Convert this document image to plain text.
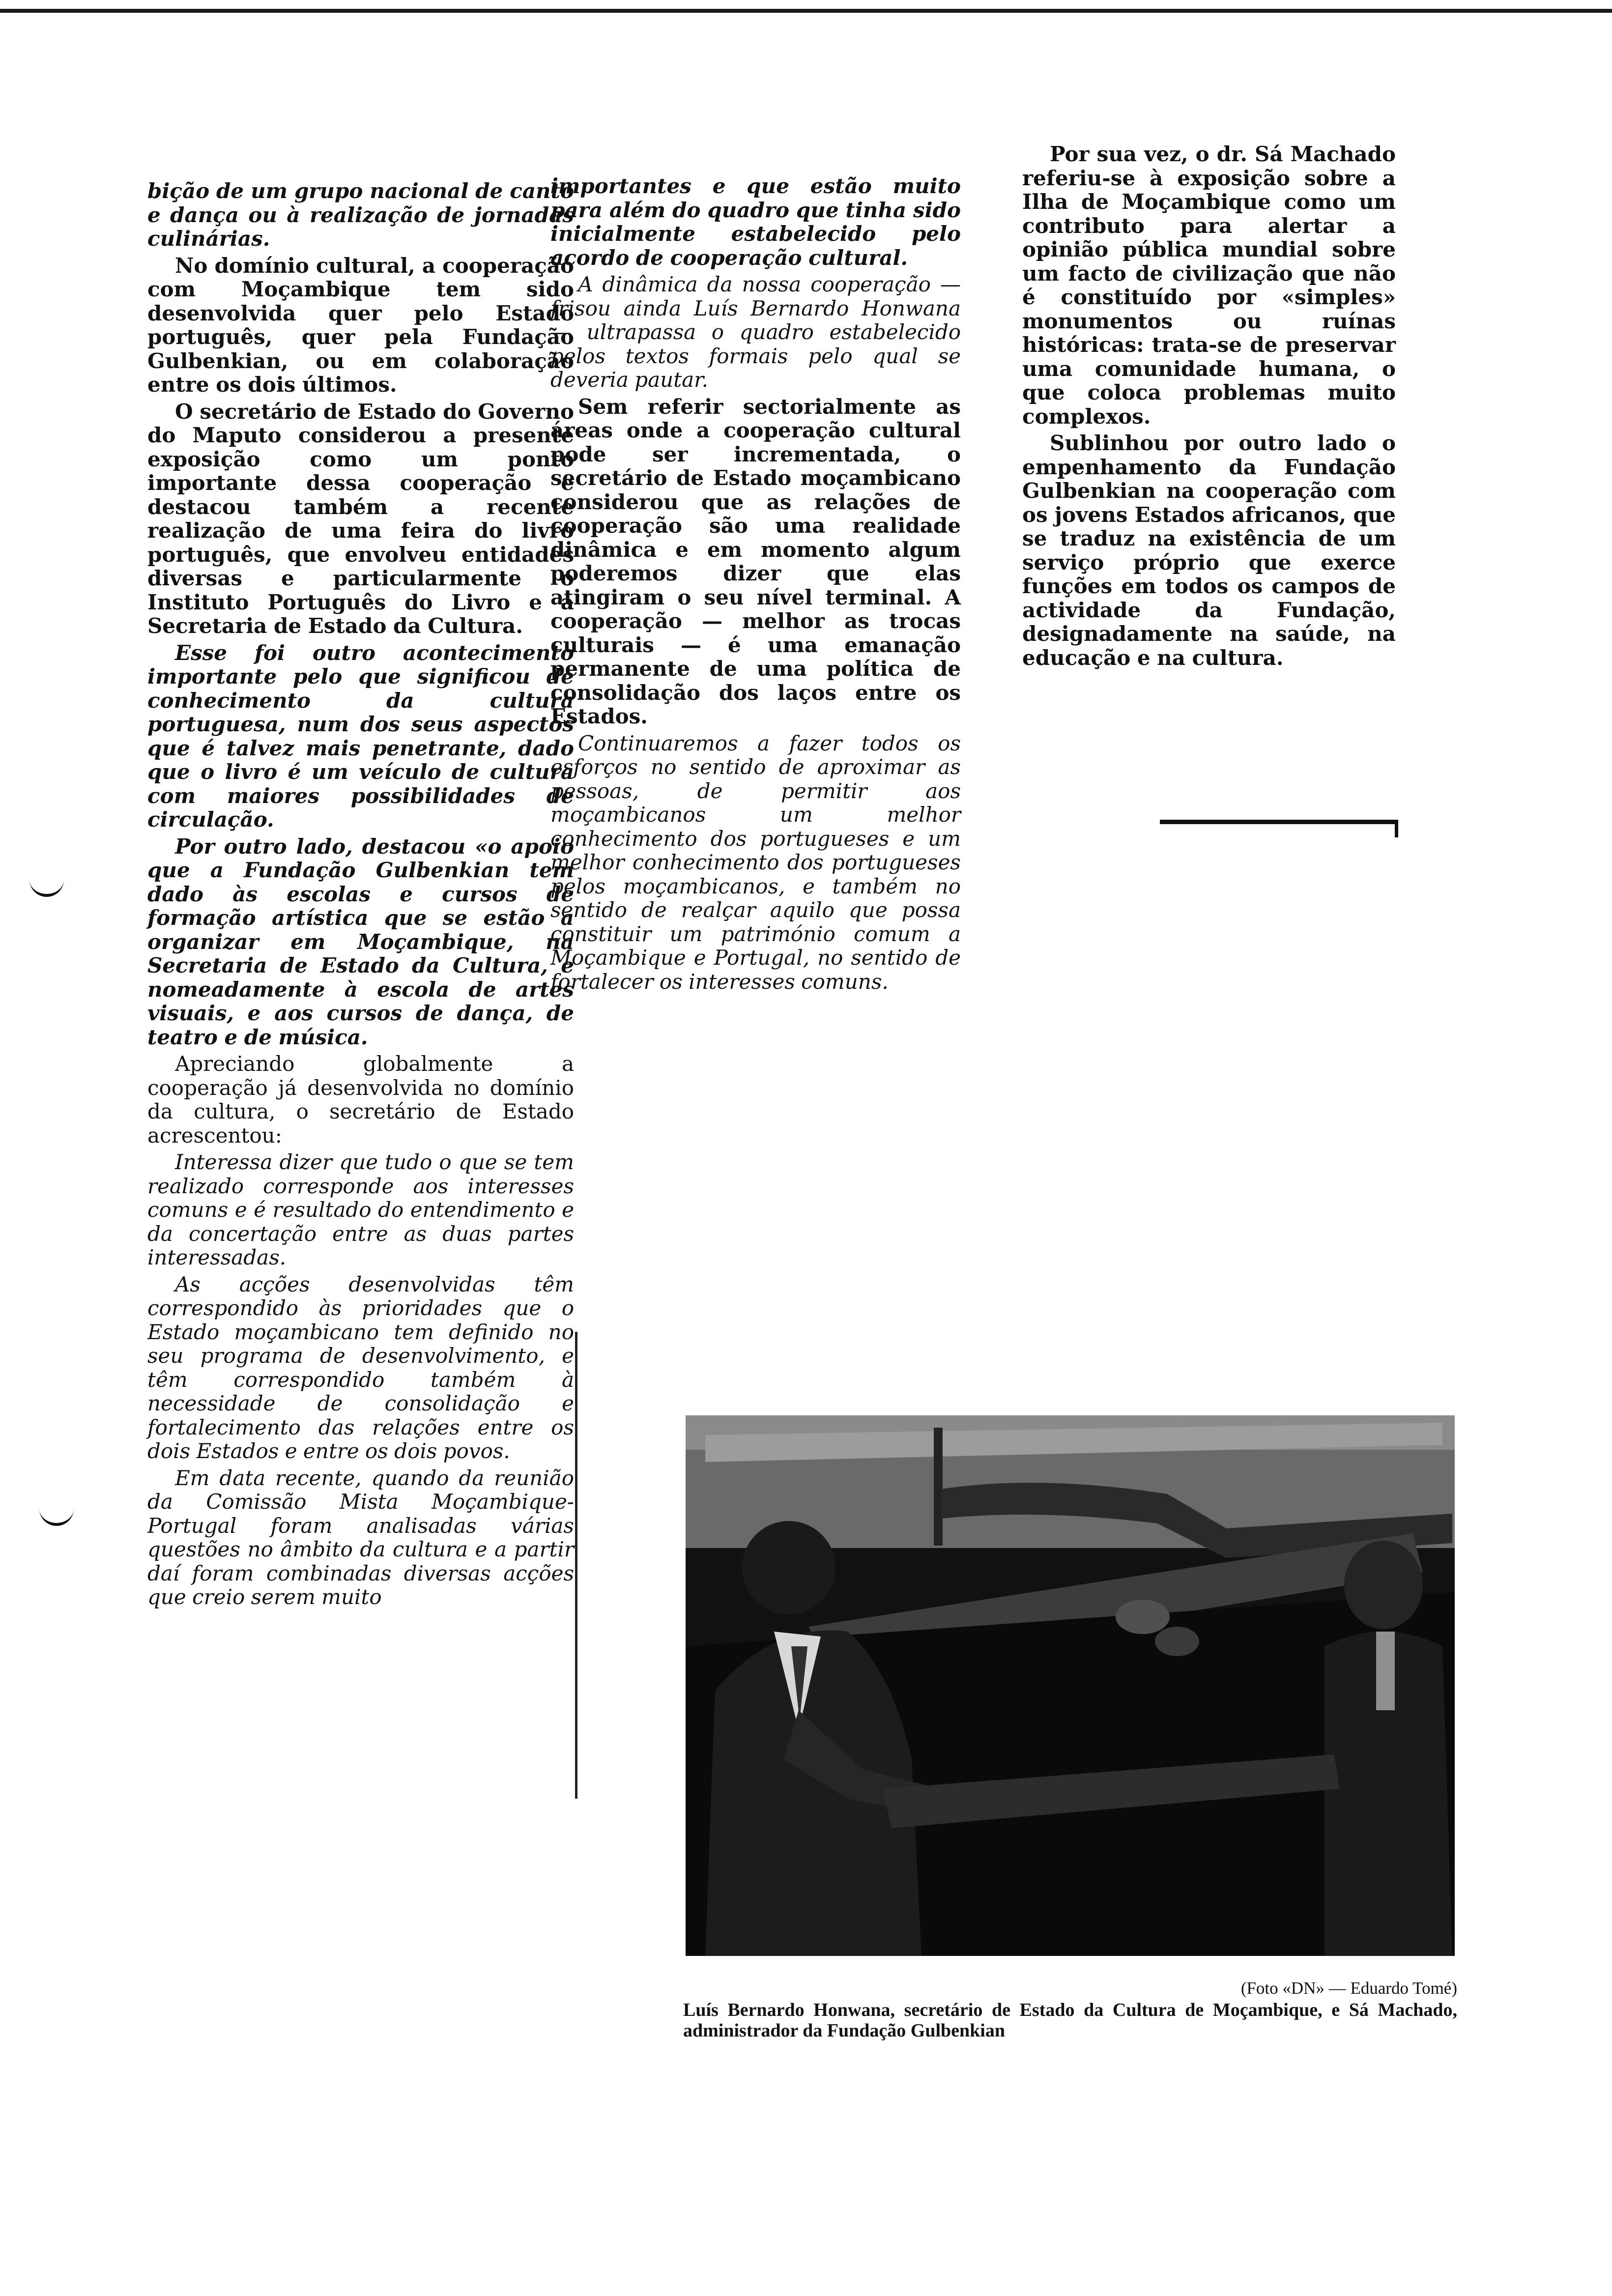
bição de um grupo nacional de canto e dança ou à realização de jornadas culinárias.

No domínio cultural, a cooperação com Moçambique tem sido desenvolvida quer pelo Estado português, quer pela Fundação Gulbenkian, ou em colaboração entre os dois últimos.

O secretário de Estado do Governo do Maputo considerou a presente exposição como um ponto importante dessa cooperação e destacou também a recente realização de uma feira do livro português, que envolveu entidades diversas e particularmente o Instituto Português do Livro e a Secretaria de Estado da Cultura.

Esse foi outro acontecimento importante pelo que significou de conhecimento da cultura portuguesa, num dos seus aspectos que é talvez mais penetrante, dado que o livro é um veículo de cultura com maiores possibilidades de circulação.

Por outro lado, destacou «o apoio que a Fundação Gulbenkian tem dado às escolas e cursos de formação artística que se estão a organizar em Moçambique, na Secretaria de Estado da Cultura, e nomeadamente à escola de artes visuais, e aos cursos de dança, de teatro e de música.

Apreciando globalmente a cooperação já desenvolvida no domínio da cultura, o secretário de Estado acrescentou:

Interessa dizer que tudo o que se tem realizado corresponde aos interesses comuns e é resultado do entendimento e da concertação entre as duas partes interessadas.

As acções desenvolvidas têm correspondido às prioridades que o Estado moçambicano tem definido no seu programa de desenvolvimento, e têm correspondido também à necessidade de consolidação e fortalecimento das relações entre os dois Estados e entre os dois povos.

Em data recente, quando da reunião da Comissão Mista Moçambique-Portugal foram analisadas várias questões no âmbito da cultura e a partir daí foram combinadas diversas acções que creio serem muito

importantes e que estão muito para além do quadro que tinha sido inicialmente estabelecido pelo acordo de cooperação cultural.

A dinâmica da nossa cooperação — frisou ainda Luís Bernardo Honwana — ultrapassa o quadro estabelecido pelos textos formais pelo qual se deveria pautar.

Sem referir sectorialmente as áreas onde a cooperação cultural pode ser incrementada, o secretário de Estado moçambicano considerou que as relações de cooperação são uma realidade dinâmica e em momento algum poderemos dizer que elas atingiram o seu nível terminal. A cooperação — melhor as trocas culturais — é uma emanação permanente de uma política de consolidação dos laços entre os Estados.

Continuaremos a fazer todos os esforços no sentido de aproximar as pessoas, de permitir aos moçambicanos um melhor conhecimento dos portugueses e um melhor conhecimento dos portugueses pelos moçambicanos, e também no sentido de realçar aquilo que possa constituir um património comum a Moçambique e Portugal, no sentido de fortalecer os interesses comuns.

Por sua vez, o dr. Sá Machado referiu-se à exposição sobre a Ilha de Moçambique como um contributo para alertar a opinião pública mundial sobre um facto de civilização que não é constituído por «simples» monumentos ou ruínas históricas: trata-se de preservar uma comunidade humana, o que coloca problemas muito complexos.

Sublinhou por outro lado o empenhamento da Fundação Gulbenkian na cooperação com os jovens Estados africanos, que se traduz na existência de um serviço próprio que exerce funções em todos os campos de actividade da Fundação, designadamente na saúde, na educação e na cultura.

(Foto «DN» — Eduardo Tomé)
Luís Bernardo Honwana, secretário de Estado da Cultura de Moçambique, e Sá Machado, administrador da Fundação Gulbenkian
